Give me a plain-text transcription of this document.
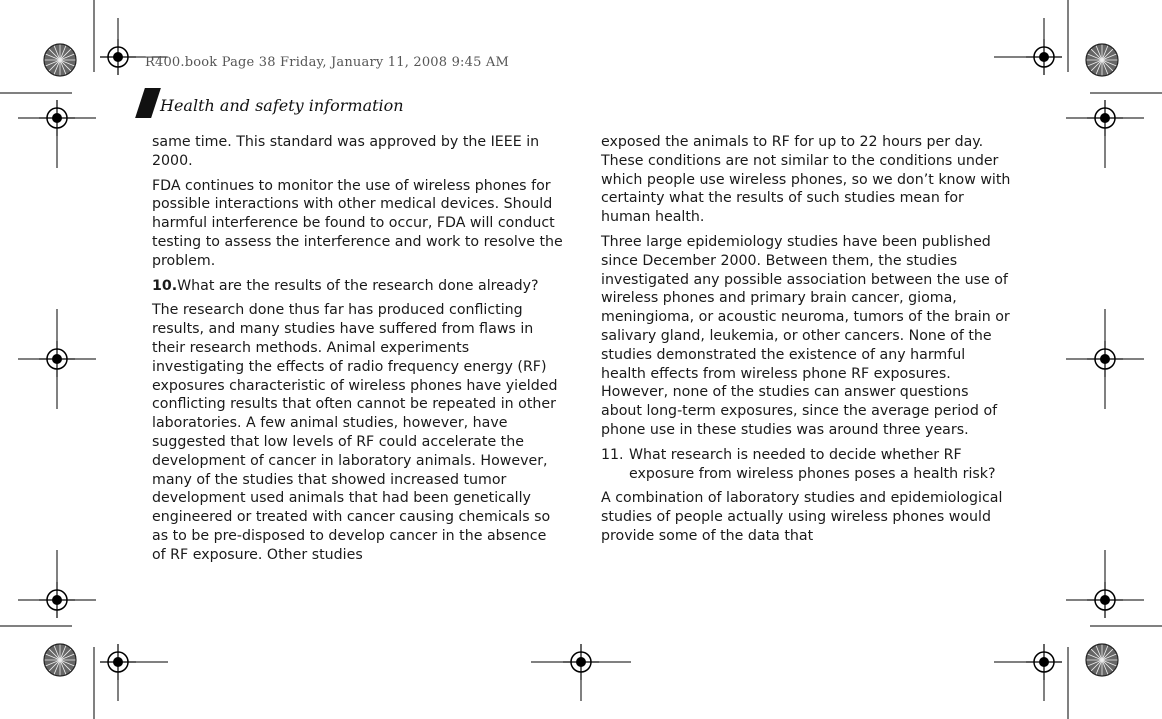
R400.book Page 38 Friday, January 11, 2008 9:45 AM
Health and safety information

same time. This standard was approved by the IEEE in 2000.

FDA continues to monitor the use of wireless phones for possible interactions with other medical devices. Should harmful interference be found to occur, FDA will conduct testing to assess the interference and work to resolve the problem.

10.What are the results of the research done already?

The research done thus far has produced conflicting results, and many studies have suffered from flaws in their research methods. Animal experiments investigating the effects of radio frequency energy (RF) exposures characteristic of wireless phones have yielded conflicting results that often cannot be repeated in other laboratories. A few animal studies, however, have suggested that low levels of RF could accelerate the development of cancer in laboratory animals. However, many of the studies that showed increased tumor development used animals that had been genetically engineered or treated with cancer causing chemicals so as to be pre-disposed to develop cancer in the absence of RF exposure. Other studies

exposed the animals to RF for up to 22 hours per day. These conditions are not similar to the conditions under which people use wireless phones, so we don’t know with certainty what the results of such studies mean for human health.

Three large epidemiology studies have been published since December 2000. Between them, the studies investigated any possible association between the use of wireless phones and primary brain cancer, gioma, meningioma, or acoustic neuroma, tumors of the brain or salivary gland, leukemia, or other cancers. None of the studies demonstrated the existence of any harmful health effects from wireless phone RF exposures. However, none of the studies can answer questions about long-term exposures, since the average period of phone use in these studies was around three years.

11. What research is needed to decide whether RF exposure from wireless phones poses a health risk?

A combination of laboratory studies and epidemiological studies of people actually using wireless phones would provide some of the data that
